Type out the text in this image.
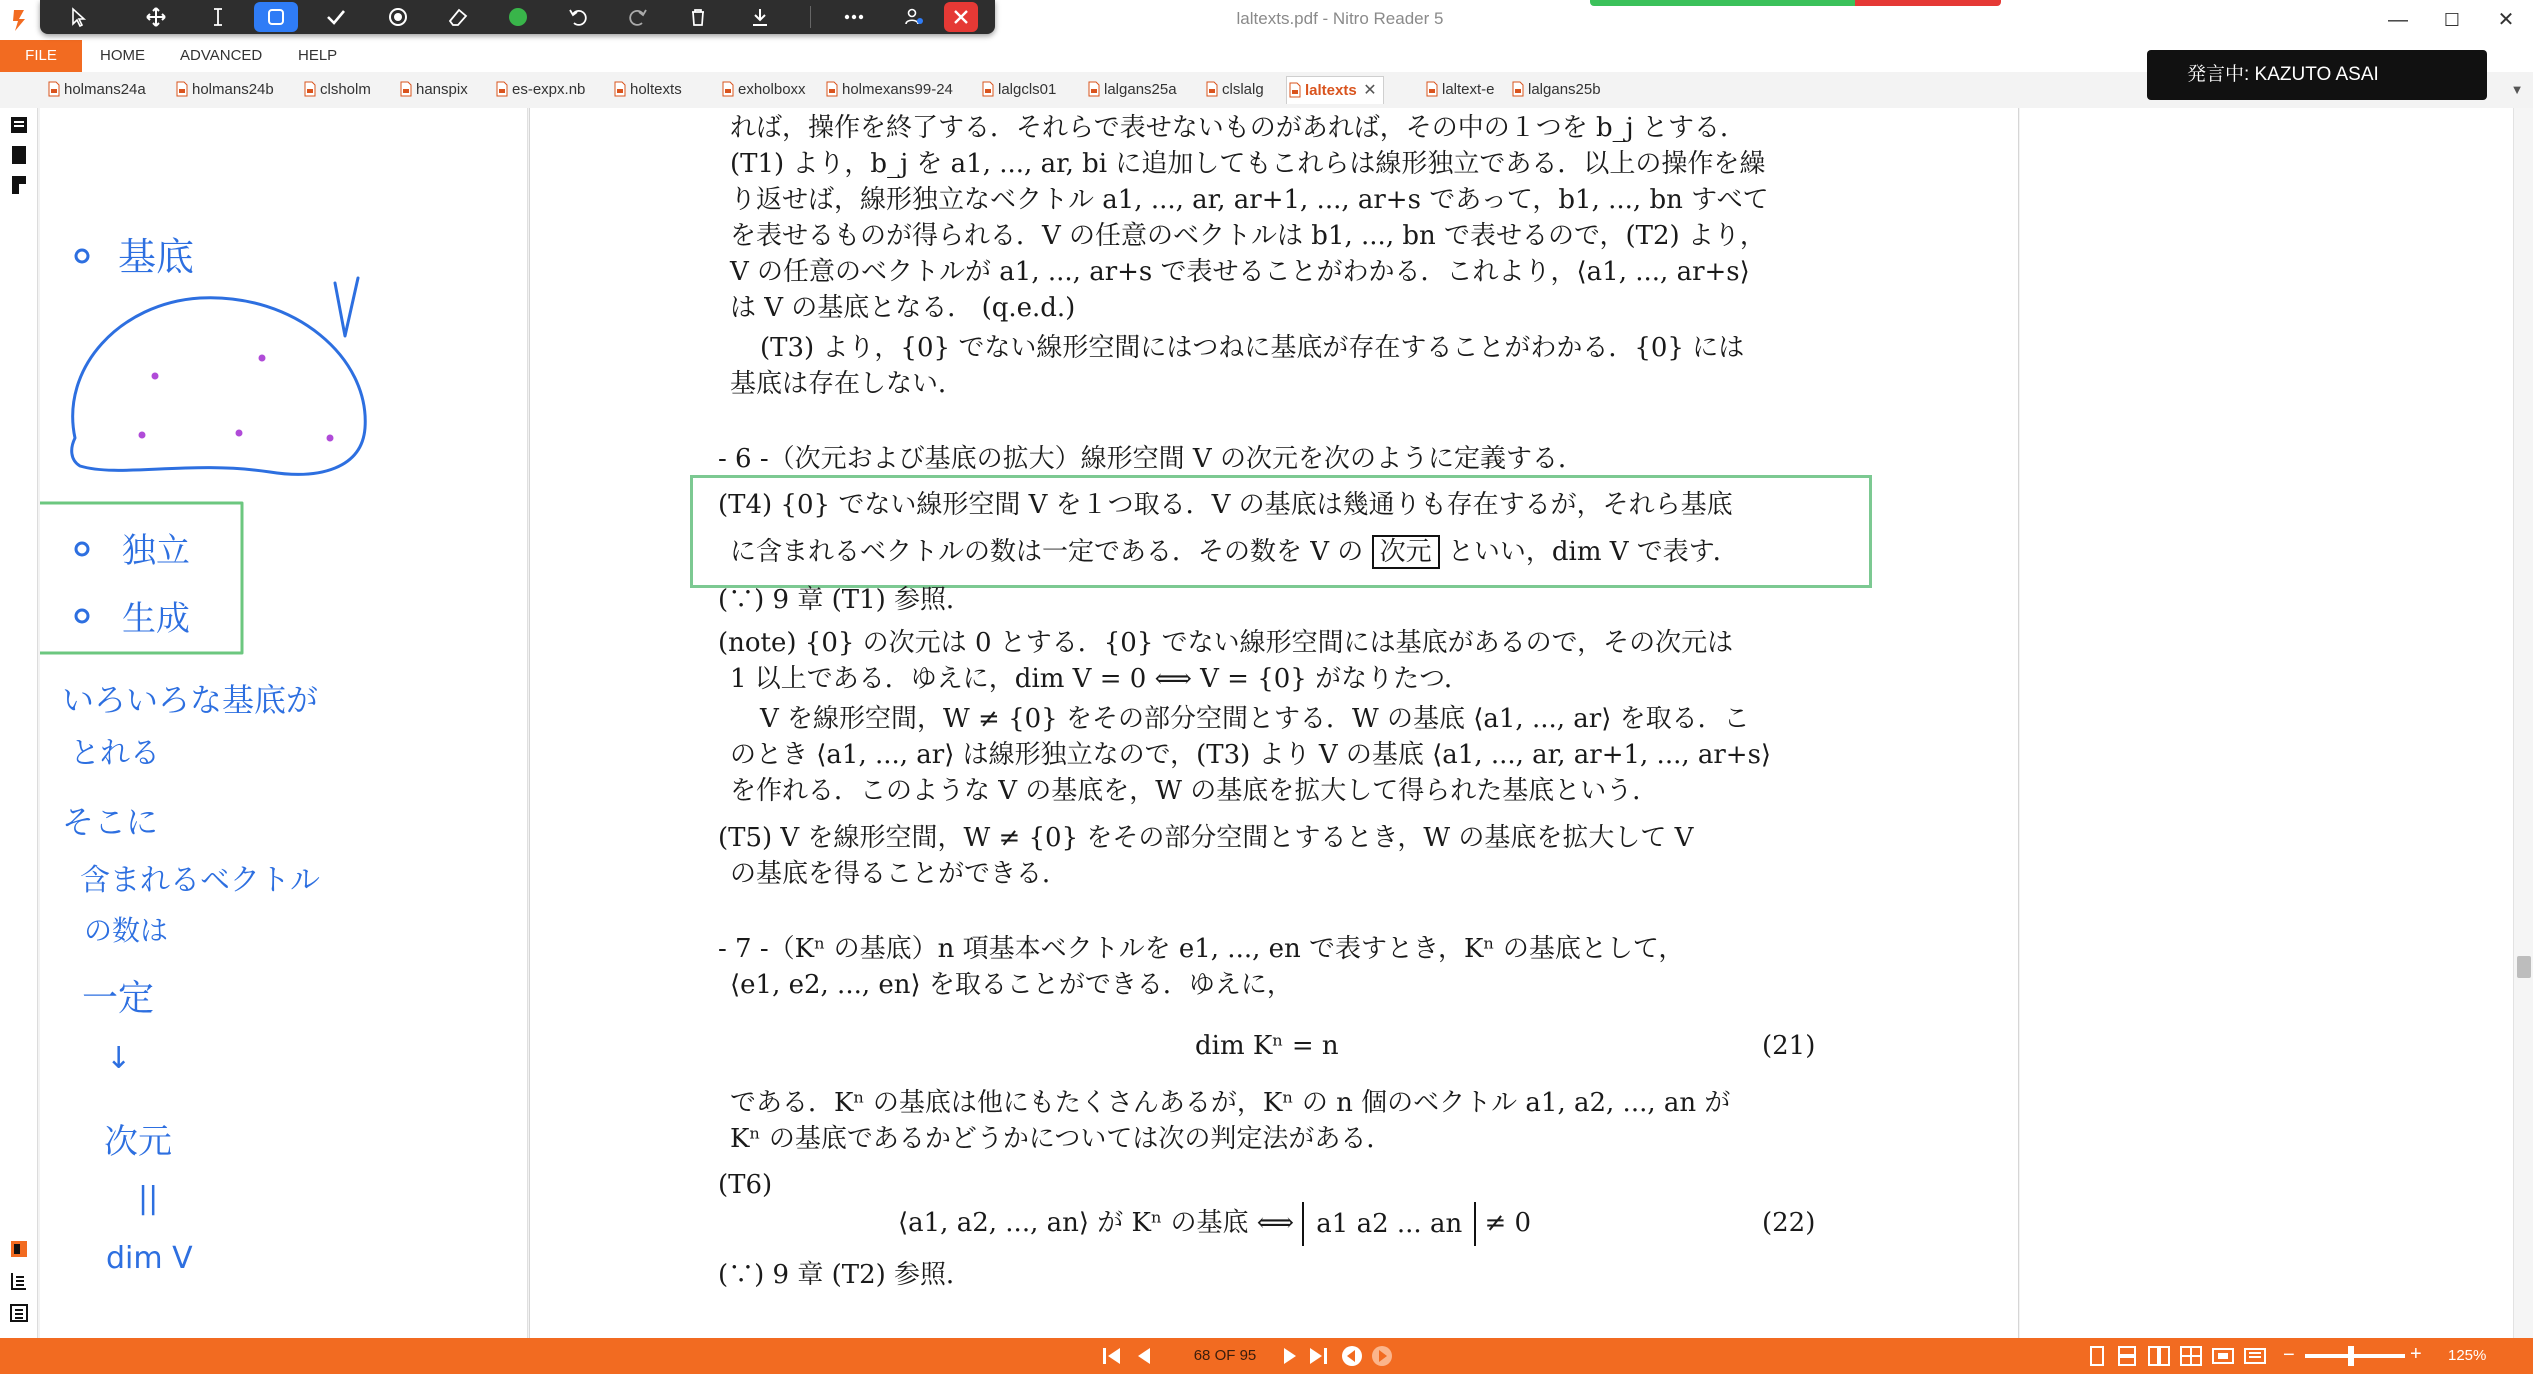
laltexts.pdf - Nitro Reader 5	—	☐	✕
FILE	HOME ADVANCED HELP
holmans24a	holmans24b	clsholm	hanspix	es-expx.nb	holtexts	exholboxx	holmexans99-24	lalgcls01	lalgans25a	clslalg	laltexts ✕	laltext-e	lalgans25b
発言中: KAZUTO ASAI
▼
基底	V
独立
生成
いろいろな基底が
とれる
そこに
含まれるベクトル
の数は
一定
↓
次元
||
dim V
れば，操作を終了する．それらで表せないものがあれば，その中の１つを b_j とする．
(T1) より，b_j を a1, ..., ar, bi に追加してもこれらは線形独立である．以上の操作を繰
り返せば，線形独立なベクトル a1, ..., ar, ar+1, ..., ar+s であって，b1, ..., bn すべて
を表せるものが得られる．V の任意のベクトルは b1, ..., bn で表せるので，(T2) より，
V の任意のベクトルが a1, ..., ar+s で表せることがわかる．これより，⟨a1, ..., ar+s⟩
は V の基底となる． (q.e.d.)
(T3) より，{0} でない線形空間にはつねに基底が存在することがわかる．{0} には
基底は存在しない．
- 6 -（次元および基底の拡大）線形空間 V の次元を次のように定義する．
(T4) {0} でない線形空間 V を１つ取る．V の基底は幾通りも存在するが，それら基底
に含まれるベクトルの数は一定である．その数を V の 次元 といい，dim V で表す．
(∵) 9 章 (T1) 参照．
(note) {0} の次元は 0 とする．{0} でない線形空間には基底があるので，その次元は
1 以上である．ゆえに，dim V = 0 ⟺ V = {0} がなりたつ．
V を線形空間，W ≠ {0} をその部分空間とする．W の基底 ⟨a1, ..., ar⟩ を取る．こ
のとき ⟨a1, ..., ar⟩ は線形独立なので，(T3) より V の基底 ⟨a1, ..., ar, ar+1, ..., ar+s⟩
を作れる．このような V の基底を，W の基底を拡大して得られた基底という．
(T5) V を線形空間，W ≠ {0} をその部分空間とするとき，W の基底を拡大して V
の基底を得ることができる．
- 7 -（Kⁿ の基底）n 項基本ベクトルを e1, ..., en で表すとき，Kⁿ の基底として，
⟨e1, e2, ..., en⟩ を取ることができる．ゆえに，
dim Kⁿ = n	(21)
である．Kⁿ の基底は他にもたくさんあるが，Kⁿ の n 個のベクトル a1, a2, ..., an が
Kⁿ の基底であるかどうかについては次の判定法がある．
(T6)
⟨a1, a2, ..., an⟩ が Kⁿ の基底 ⟺ a1 a2 ... an ≠ 0	(22)
(∵) 9 章 (T2) 参照．
68 OF 95	−	+ 125%
